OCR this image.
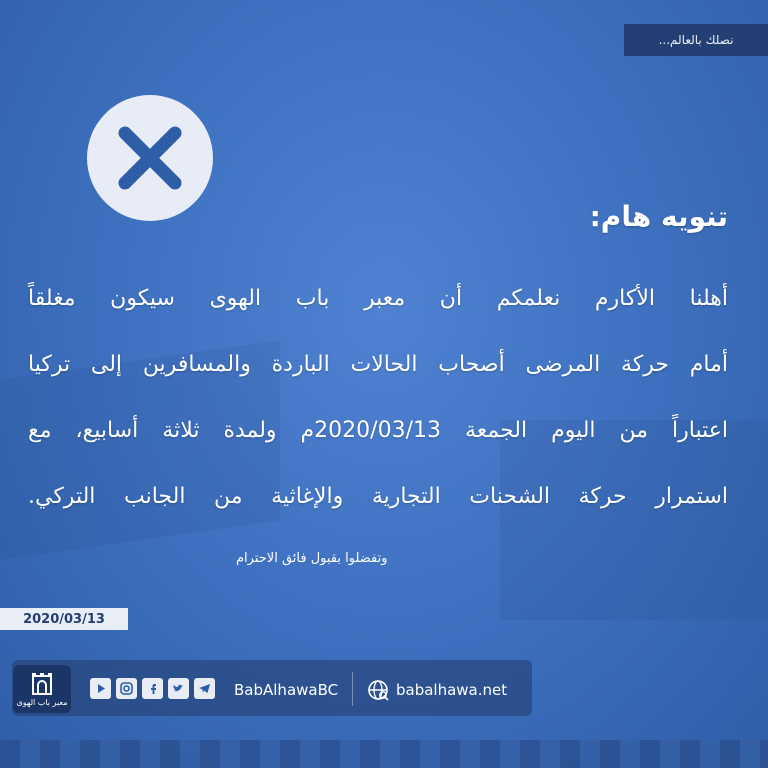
نصلك بالعالم...
تنويه هام:
أهلنا الأكارم نعلمكم أن معبر باب الهوى سيكون مغلقاً
أمام حركة المرضى أصحاب الحالات الباردة والمسافرين إلى تركيا
اعتباراً من اليوم الجمعة 2020/03/13م ولمدة ثلاثة أسابيع، مع
استمرار حركة الشحنات التجارية والإغاثية من الجانب التركي.
وتفضلوا بقبول فائق الاحترام
2020/03/13
معبر باب الهوى
BabAlhawaBC	babalhawa.net
